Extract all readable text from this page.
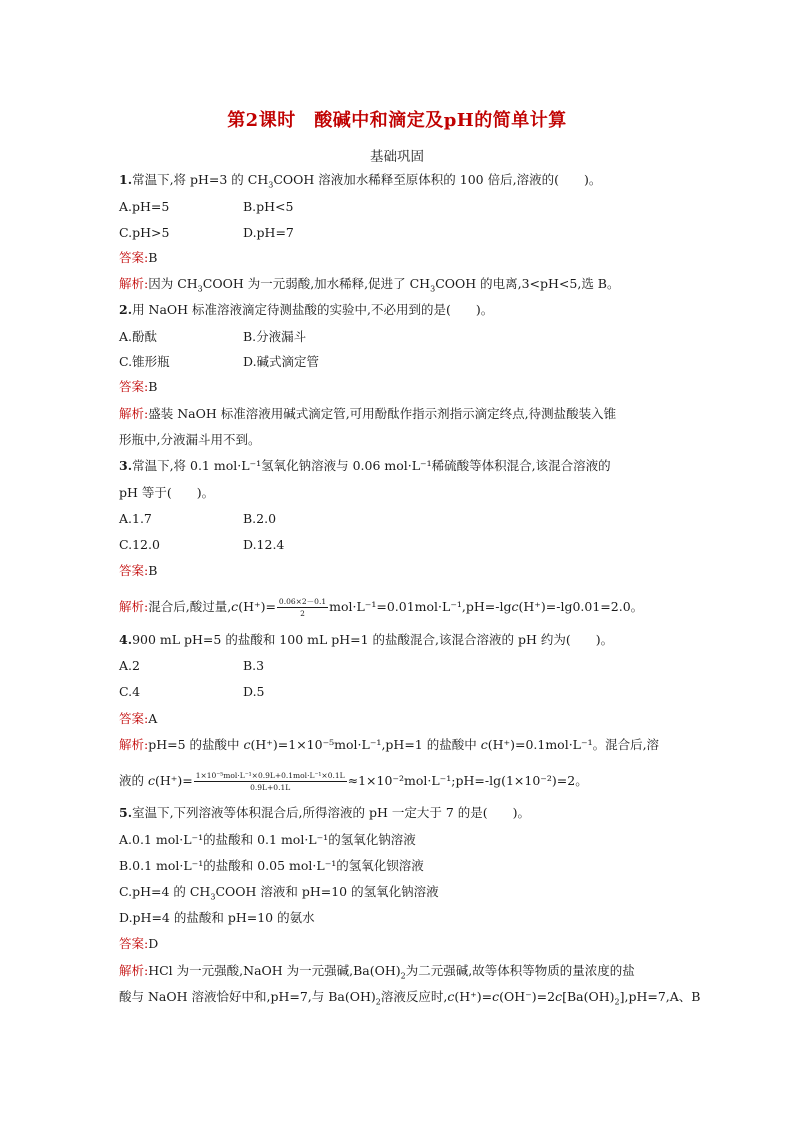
第2课时　酸碱中和滴定及pH的简单计算
基础巩固
1.常温下,将 pH=3 的 $CH_3COOH$ 溶液加水稀释至原体积的 100 倍后,溶液的(　　)。
A.pH=5	B.pH<5
C.pH>5	D.pH=7
答案:B
解析:因为 $CH_3COOH$ 为一元弱酸,加水稀释,促进了 $CH_3COOH$ 的电离,3<pH<5,选 B。
2.用 NaOH 标准溶液滴定待测盐酸的实验中,不必用到的是(　　)。
A.酚酞	B.分液漏斗
C.锥形瓶	D.碱式滴定管
答案:B
解析:盛装 NaOH 标准溶液用碱式滴定管,可用酚酞作指示剂指示滴定终点,待测盐酸装入锥
形瓶中,分液漏斗用不到。
3.常温下,将 0.1 mol·L⁻¹氢氧化钠溶液与 0.06 mol·L⁻¹稀硫酸等体积混合,该混合溶液的
pH 等于(　　)。
A.1.7	B.2.0
C.12.0	D.12.4
答案:B
解析:混合后,酸过量$,c(H^+)= \frac{0.06\times 2-0.1}{2} mol\cdot L^{-1}=0.01mol\cdot L^{-1},pH=-\lg c(H^+)=-\lg 0.01=2.0$。
4.900 mL pH=5 的盐酸和 100 mL pH=1 的盐酸混合,该混合溶液的 pH 约为(　　)。
A.2	B.3
C.4	D.5
答案:A
解析:pH=5 的盐酸中 c(H⁺)=1×10⁻⁵mol·L⁻¹,pH=1 的盐酸中 c(H⁺)=0.1mol·L⁻¹。混合后,溶
液的 $c(H^+)= \frac{\text{1×10⁻⁵mol·L⁻¹×0.9L+0.1mol·L⁻¹×0.1L}}{0.9L+0.1L}$ ≈1×10⁻²mol·L⁻¹;pH=-lg(1×10⁻²)=2。
5.室温下,下列溶液等体积混合后,所得溶液的 pH 一定大于 7 的是(　　)。
A.0.1 mol·L⁻¹的盐酸和 0.1 mol·L⁻¹的氢氧化钠溶液
B.0.1 mol·L⁻¹的盐酸和 0.05 mol·L⁻¹的氢氧化钡溶液
C.pH=4 的 $CH_3COOH$ 溶液和 pH=10 的氢氧化钠溶液
D.pH=4 的盐酸和 pH=10 的氨水
答案:D
解析:HCl 为一元强酸,NaOH 为一元强碱$,Ba(OH)_2$为二元强碱,故等体积等物质的量浓度的盐
酸与 NaOH 溶液恰好中和,pH=7,与 $Ba(OH)_2$溶液反应时$,c(H^+)=c(OH^-)=2c[Ba(OH)_2],pH=7,A$、B
